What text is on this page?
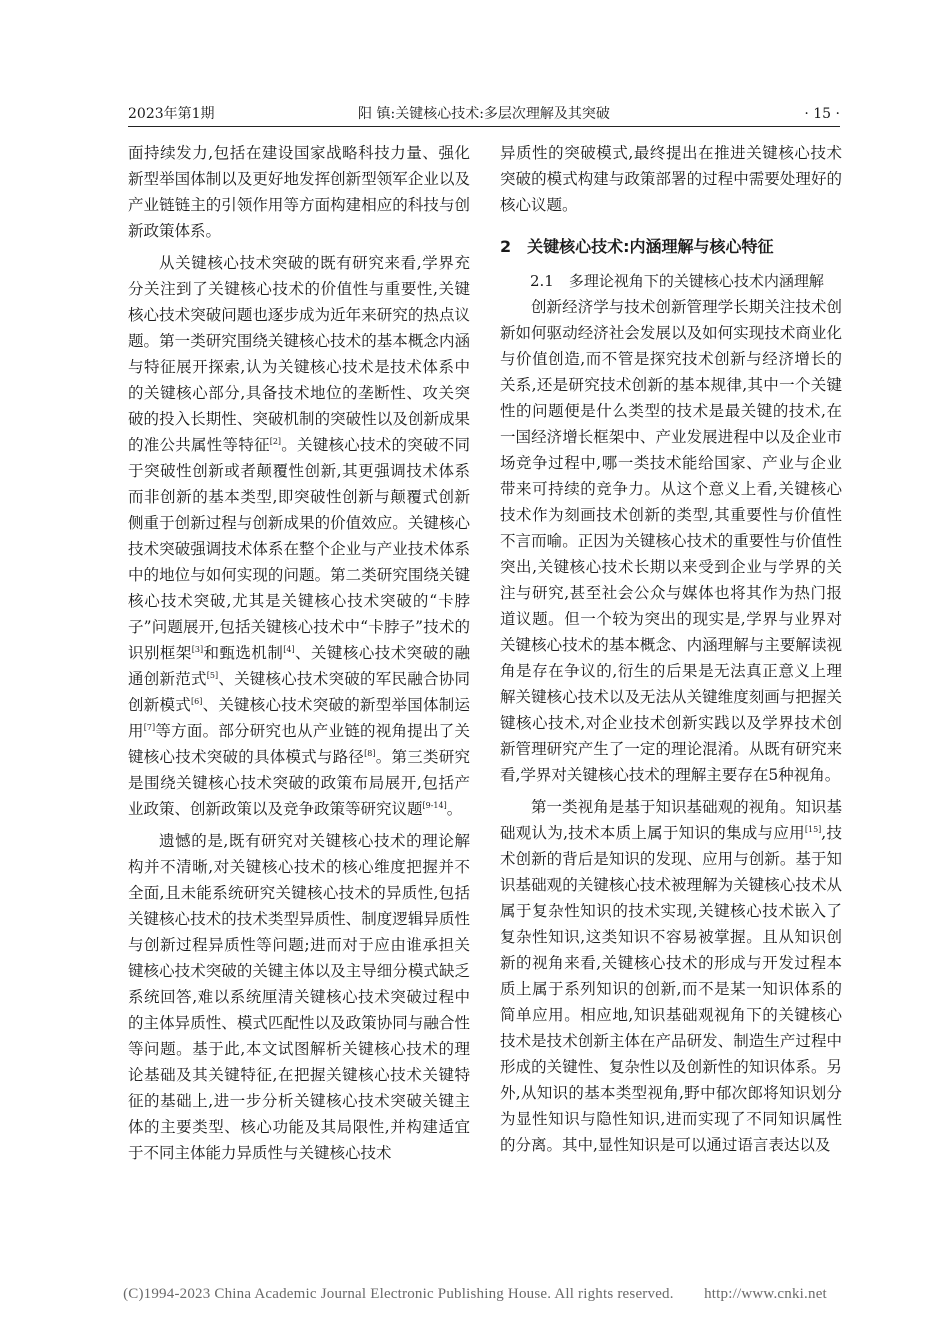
2023年第1期	阳 镇:关键核心技术:多层次理解及其突破	· 15 ·

面持续发力,包括在建设国家战略科技力量、强化新型举国体制以及更好地发挥创新型领军企业以及产业链链主的引领作用等方面构建相应的科技与创新政策体系。

从关键核心技术突破的既有研究来看,学界充分关注到了关键核心技术的价值性与重要性,关键核心技术突破问题也逐步成为近年来研究的热点议题。第一类研究围绕关键核心技术的基本概念内涵与特征展开探索,认为关键核心技术是技术体系中的关键核心部分,具备技术地位的垄断性、攻关突破的投入长期性、突破机制的突破性以及创新成果的准公共属性等特征[2]。关键核心技术的突破不同于突破性创新或者颠覆性创新,其更强调技术体系而非创新的基本类型,即突破性创新与颠覆式创新侧重于创新过程与创新成果的价值效应。关键核心技术突破强调技术体系在整个企业与产业技术体系中的地位与如何实现的问题。第二类研究围绕关键核心技术突破,尤其是关键核心技术突破的“卡脖子”问题展开,包括关键核心技术中“卡脖子”技术的识别框架[3]和甄选机制[4]、关键核心技术突破的融通创新范式[5]、关键核心技术突破的军民融合协同创新模式[6]、关键核心技术突破的新型举国体制运用[7]等方面。部分研究也从产业链的视角提出了关键核心技术突破的具体模式与路径[8]。第三类研究是围绕关键核心技术突破的政策布局展开,包括产业政策、创新政策以及竞争政策等研究议题[9-14]。

遗憾的是,既有研究对关键核心技术的理论解构并不清晰,对关键核心技术的核心维度把握并不全面,且未能系统研究关键核心技术的异质性,包括关键核心技术的技术类型异质性、制度逻辑异质性与创新过程异质性等问题;进而对于应由谁承担关键核心技术突破的关键主体以及主导细分模式缺乏系统回答,难以系统厘清关键核心技术突破过程中的主体异质性、模式匹配性以及政策协同与融合性等问题。基于此,本文试图解析关键核心技术的理论基础及其关键特征,在把握关键核心技术关键特征的基础上,进一步分析关键核心技术突破关键主体的主要类型、核心功能及其局限性,并构建适宜于不同主体能力异质性与关键核心技术

异质性的突破模式,最终提出在推进关键核心技术突破的模式构建与政策部署的过程中需要处理好的核心议题。

2　关键核心技术:内涵理解与核心特征

2.1　多理论视角下的关键核心技术内涵理解

创新经济学与技术创新管理学长期关注技术创新如何驱动经济社会发展以及如何实现技术商业化与价值创造,而不管是探究技术创新与经济增长的关系,还是研究技术创新的基本规律,其中一个关键性的问题便是什么类型的技术是最关键的技术,在一国经济增长框架中、产业发展进程中以及企业市场竞争过程中,哪一类技术能给国家、产业与企业带来可持续的竞争力。从这个意义上看,关键核心技术作为刻画技术创新的类型,其重要性与价值性不言而喻。正因为关键核心技术的重要性与价值性突出,关键核心技术长期以来受到企业与学界的关注与研究,甚至社会公众与媒体也将其作为热门报道议题。但一个较为突出的现实是,学界与业界对关键核心技术的基本概念、内涵理解与主要解读视角是存在争议的,衍生的后果是无法真正意义上理解关键核心技术以及无法从关键维度刻画与把握关键核心技术,对企业技术创新实践以及学界技术创新管理研究产生了一定的理论混淆。从既有研究来看,学界对关键核心技术的理解主要存在5种视角。

第一类视角是基于知识基础观的视角。知识基础观认为,技术本质上属于知识的集成与应用[15],技术创新的背后是知识的发现、应用与创新。基于知识基础观的关键核心技术被理解为关键核心技术从属于复杂性知识的技术实现,关键核心技术嵌入了复杂性知识,这类知识不容易被掌握。且从知识创新的视角来看,关键核心技术的形成与开发过程本质上属于系列知识的创新,而不是某一知识体系的简单应用。相应地,知识基础观视角下的关键核心技术是技术创新主体在产品研发、制造生产过程中形成的关键性、复杂性以及创新性的知识体系。另外,从知识的基本类型视角,野中郁次郎将知识划分为显性知识与隐性知识,进而实现了不同知识属性的分离。其中,显性知识是可以通过语言表达以及

(C)1994-2023 China Academic Journal Electronic Publishing House. All rights reserved.　　http://www.cnki.net
